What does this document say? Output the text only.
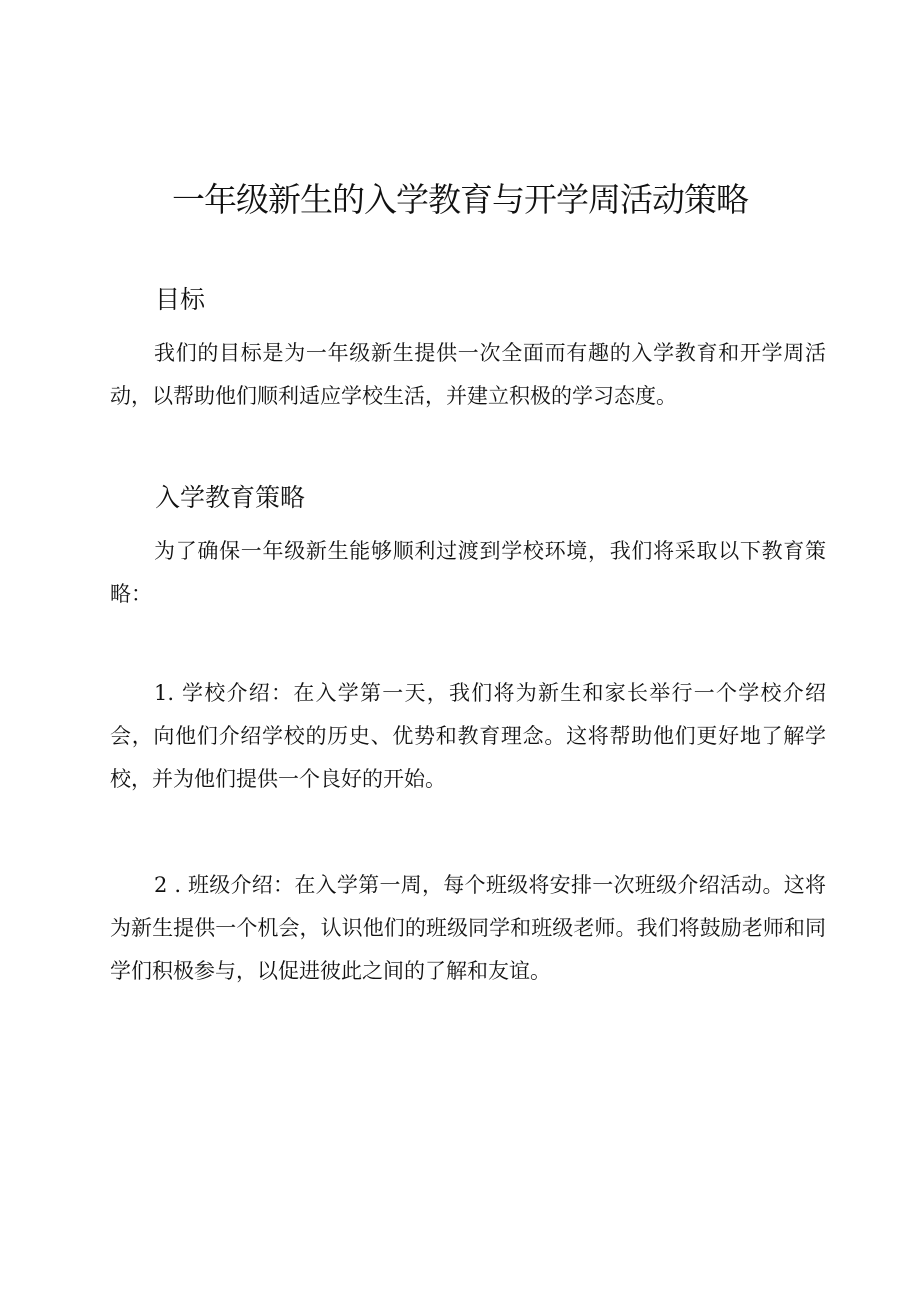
一年级新生的入学教育与开学周活动策略
目标

我们的目标是为一年级新生提供一次全面而有趣的入学教育和开学周活动，以帮助他们顺利适应学校生活，并建立积极的学习态度。

入学教育策略

为了确保一年级新生能够顺利过渡到学校环境，我们将采取以下教育策略：

1. 学校介绍：在入学第一天，我们将为新生和家长举行一个学校介绍会，向他们介绍学校的历史、优势和教育理念。这将帮助他们更好地了解学校，并为他们提供一个良好的开始。

2 . 班级介绍：在入学第一周，每个班级将安排一次班级介绍活动。这将为新生提供一个机会，认识他们的班级同学和班级老师。我们将鼓励老师和同学们积极参与，以促进彼此之间的了解和友谊。
